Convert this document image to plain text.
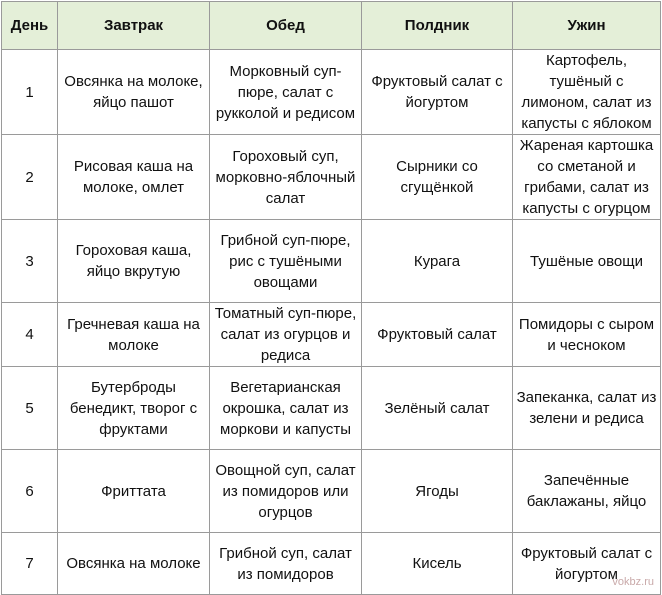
День	Завтрак	Обед	Полдник	Ужин
1	Овсянка на молоке, яйцо пашот	Морковный суп-пюре, салат с рукколой и редисом	Фруктовый салат с йогуртом	Картофель, тушёный с лимоном, салат из капусты с яблоком
2	Рисовая каша на молоке, омлет	Гороховый суп, морковно-яблочный салат	Сырники со сгущёнкой	Жареная картошка со сметаной и грибами, салат из капусты с огурцом
3	Гороховая каша, яйцо вкрутую	Грибной суп-пюре, рис с тушёными овощами	Курага	Тушёные овощи
4	Гречневая каша на молоке	Томатный суп-пюре, салат из огурцов и редиса	Фруктовый салат	Помидоры с сыром и чесноком
5	Бутерброды бенедикт, творог с фруктами	Вегетарианская окрошка, салат из моркови и капусты	Зелёный салат	Запеканка, салат из зелени и редиса
6	Фриттата	Овощной суп, салат из помидоров или огурцов	Ягоды	Запечённые баклажаны, яйцо
7	Овсянка на молоке	Грибной суп, салат из помидоров	Кисель	Фруктовый салат с йогуртом
vokbz.ru
